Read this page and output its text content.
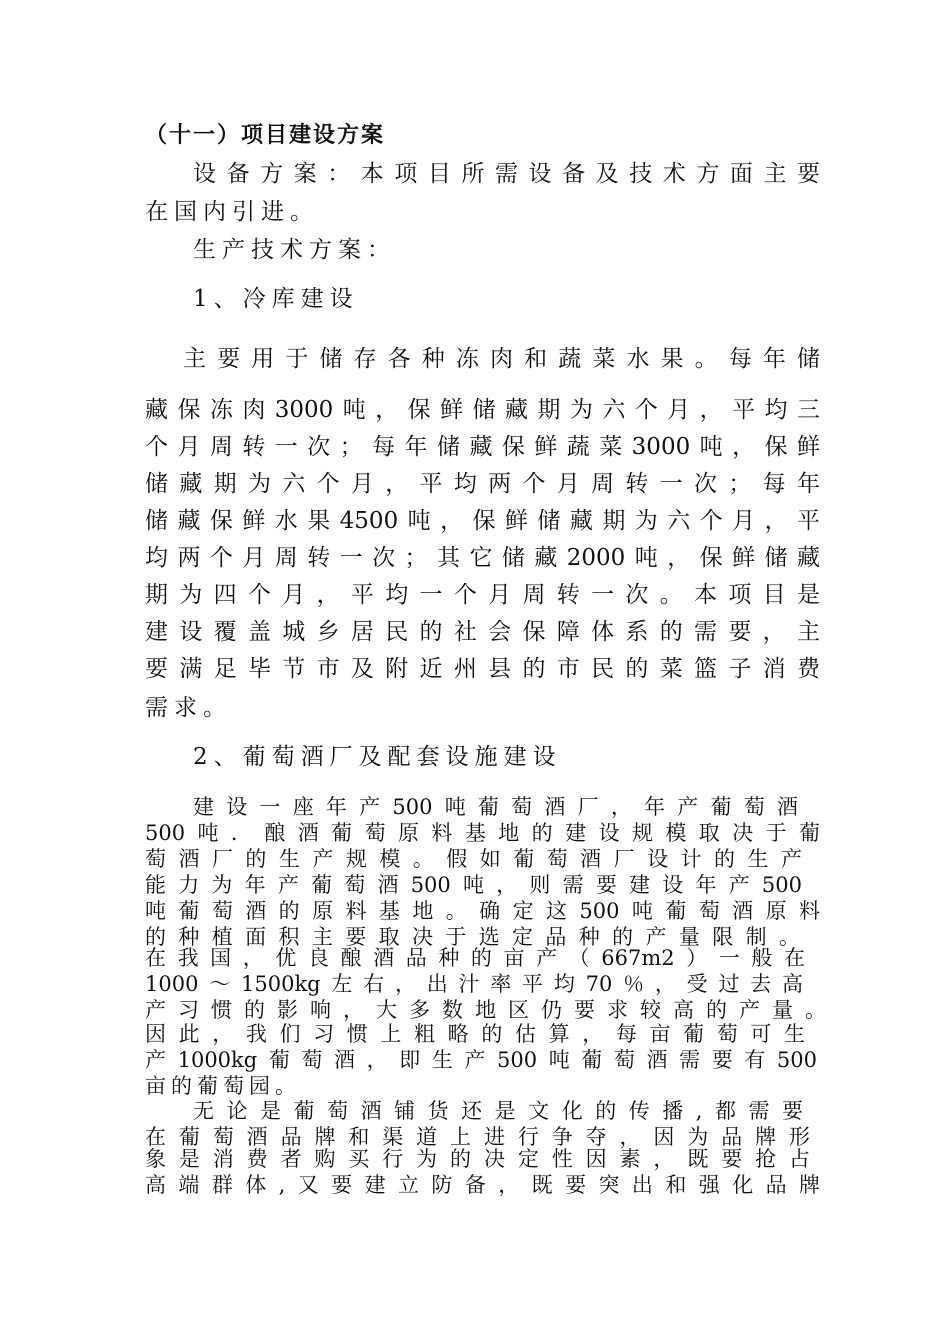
（十一）项目建设方案
设备方案：本项目所需设备及技术方面主要
在国内引进。
生产技术方案：
1、冷库建设
主要用于储存各种冻肉和蔬菜水果。每年储
藏保冻肉3000吨，保鲜储藏期为六个月，平均三
个月周转一次；每年储藏保鲜蔬菜3000吨，保鲜
储藏期为六个月，平均两个月周转一次；每年
储藏保鲜水果4500吨，保鲜储藏期为六个月，平
均两个月周转一次；其它储藏2000吨，保鲜储藏
期为四个月，平均一个月周转一次。本项目是
建设覆盖城乡居民的社会保障体系的需要，主
要满足毕节市及附近州县的市民的菜篮子消费
需求。
2、葡萄酒厂及配套设施建设
建设一座年产500吨葡萄酒厂，年产葡萄酒
500吨．酿酒葡萄原料基地的建设规模取决于葡
萄酒厂的生产规模。假如葡萄酒厂设计的生产
能力为年产葡萄酒500吨，则需要建设年产500
吨葡萄酒的原料基地。确定这500吨葡萄酒原料
的种植面积主要取决于选定品种的产量限制。
在我国，优良酿酒品种的亩产（667m2）一般在
1000～1500kg左右，出汁率平均70％，受过去高
产习惯的影响，大多数地区仍要求较高的产量。
因此，我们习惯上粗略的估算，每亩葡萄可生
产1000kg葡萄酒，即生产500吨葡萄酒需要有500
亩的葡萄园。
无论是葡萄酒铺货还是文化的传播,都需要
在葡萄酒品牌和渠道上进行争夺，因为品牌形
象是消费者购买行为的决定性因素，既要抢占
高端群体,又要建立防备，既要突出和强化品牌
